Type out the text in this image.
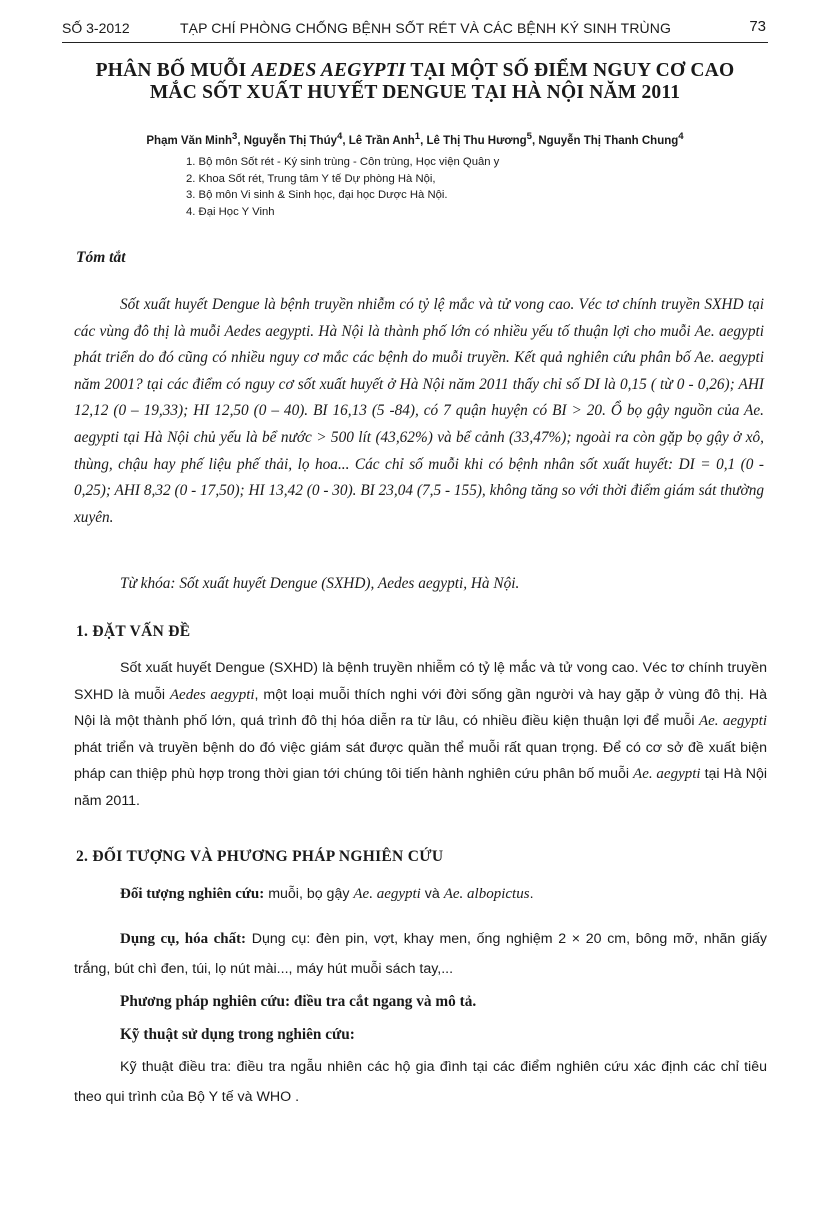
SỐ 3-2012	TẠP CHÍ PHÒNG CHỐNG BỆNH SỐT RÉT VÀ CÁC BỆNH KÝ SINH TRÙNG	73
PHÂN BỐ MUỖI AEDES AEGYPTI TẠI MỘT SỐ ĐIỂM NGUY CƠ CAO
MẮC SỐT XUẤT HUYẾT DENGUE TẠI HÀ NỘI NĂM 2011
Phạm Văn Minh$^3$, Nguyễn Thị Thúy$^4$, Lê Trần Anh$^1$, Lê Thị Thu Hương$^5$, Nguyễn Thị Thanh Chung$^4$
1. Bộ môn Sốt rét - Ký sinh trùng - Côn trùng, Học viện Quân y
2. Khoa Sốt rét, Trung tâm Y tế Dự phòng Hà Nội,
3. Bộ môn Vi sinh & Sinh học, đại học Dược Hà Nội.
4. Đại Học Y Vinh
Tóm tắt

Sốt xuất huyết Dengue là bệnh truyền nhiễm có tỷ lệ mắc và tử vong cao. Véc tơ chính truyền SXHD tại các vùng đô thị là muỗi Aedes aegypti. Hà Nội là thành phố lớn có nhiều yếu tố thuận lợi cho muỗi Ae. aegypti phát triển do đó cũng có nhiều nguy cơ mắc các bệnh do muỗi truyền. Kết quả nghiên cứu phân bố Ae. aegypti năm 2001? tại các điểm có nguy cơ sốt xuất huyết ở Hà Nội năm 2011 thấy chỉ số DI là 0,15 ( từ 0 - 0,26); AHI 12,12 (0 – 19,33); HI 12,50 (0 – 40). BI 16,13 (5 -84), có 7 quận huyện có BI > 20. Ổ bọ gậy nguồn của Ae. aegypti tại Hà Nội chủ yếu là bể nước > 500 lít (43,62%) và bể cảnh (33,47%); ngoài ra còn gặp bọ gậy ở xô, thùng, chậu hay phế liệu phế thải, lọ hoa... Các chỉ số muỗi khi có bệnh nhân sốt xuất huyết: DI = 0,1 (0 - 0,25); AHI 8,32 (0 - 17,50); HI 13,42 (0 - 30). BI 23,04 (7,5 - 155), không tăng so với thời điểm giám sát thường xuyên.

Từ khóa: Sốt xuất huyết Dengue (SXHD), Aedes aegypti, Hà Nội.
1. ĐẶT VẤN ĐỀ

Sốt xuất huyết Dengue (SXHD) là bệnh truyền nhiễm có tỷ lệ mắc và tử vong cao. Véc tơ chính truyền SXHD là muỗi Aedes aegypti, một loại muỗi thích nghi với đời sống gần người và hay gặp ở vùng đô thị. Hà Nội là một thành phố lớn, quá trình đô thị hóa diễn ra từ lâu, có nhiều điều kiện thuận lợi để muỗi Ae. aegypti phát triển và truyền bệnh do đó việc giám sát được quần thể muỗi rất quan trọng. Để có cơ sở đề xuất biện pháp can thiệp phù hợp trong thời gian tới chúng tôi tiến hành nghiên cứu phân bố muỗi Ae. aegypti tại Hà Nội năm 2011.

2. ĐỐI TƯỢNG VÀ PHƯƠNG PHÁP NGHIÊN CỨU

Đối tượng nghiên cứu: muỗi, bọ gậy Ae. aegypti và Ae. albopictus.

Dụng cụ, hóa chất: Dụng cụ: đèn pin, vợt, khay men, ống nghiệm 2 × 20 cm, bông mỡ, nhãn giấy trắng, bút chì đen, túi, lọ nút mài..., máy hút muỗi sách tay,...

Phương pháp nghiên cứu: điều tra cắt ngang và mô tả.
Kỹ thuật sử dụng trong nghiên cứu:

Kỹ thuật điều tra: điều tra ngẫu nhiên các hộ gia đình tại các điểm nghiên cứu xác định các chỉ tiêu theo qui trình của Bộ Y tế và WHO .
